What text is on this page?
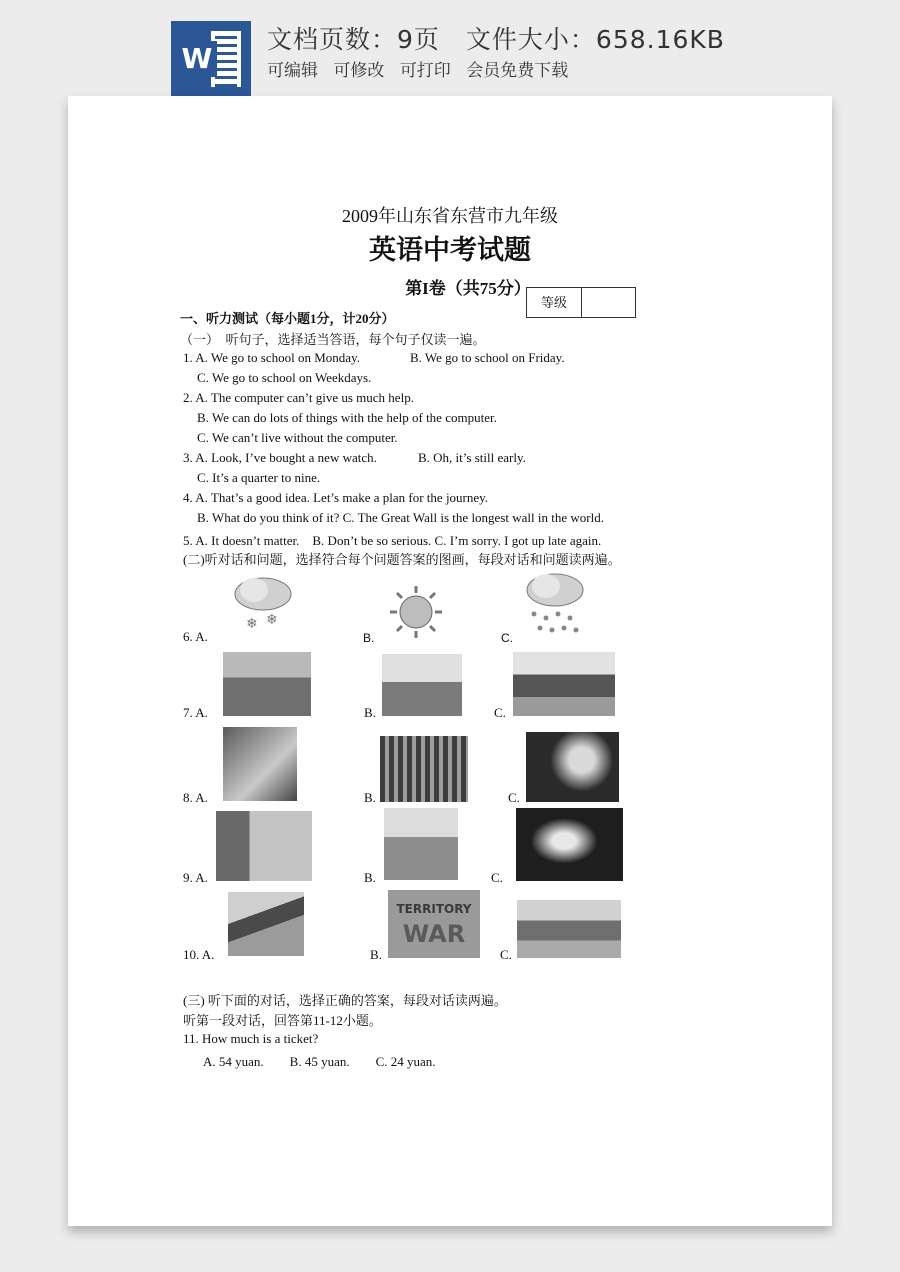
W
文档页数：9页　文件大小：658.16KB
可编辑 可修改 可打印 会员免费下载
2009年山东省东营市九年级
英语中考试题
第I卷（共75分）
等级
一、听力测试（每小题1分，计20分）
（一）　听句子，选择适当答语，每个句子仅读一遍。
1. A. We go to school on Monday.	B. We go to school on Friday.
C. We go to school on Weekdays.
2. A. The computer can’t give us much help.
B. We can do lots of things with the help of the computer.
C. We can’t live without the computer.
3. A. Look, I’ve bought a new watch.	B. Oh, it’s still early.
C. It’s a quarter to nine.
4. A. That’s a good idea. Let’s make a plan for the journey.
B. What do you think of it? C. The Great Wall is the longest wall in the world.
5. A. It doesn’t matter.　B. Don’t be so serious. C. I’m sorry. I got up late again.
(二)听对话和问题，选择符合每个问题答案的图画，每段对话和问题读两遍。
6. A.
❄ ❄
B.	C.
7. A.	B.	C.
8. A.	B.	C.
9. A.	B.	C.
10. A.	B.
TERRITORY
WAR
C.
(三) 听下面的对话，选择正确的答案，每段对话读两遍。
听第一段对话，回答第11-12小题。
11. How much is a ticket?
A. 54 yuan.　　B. 45 yuan.　　C. 24 yuan.
